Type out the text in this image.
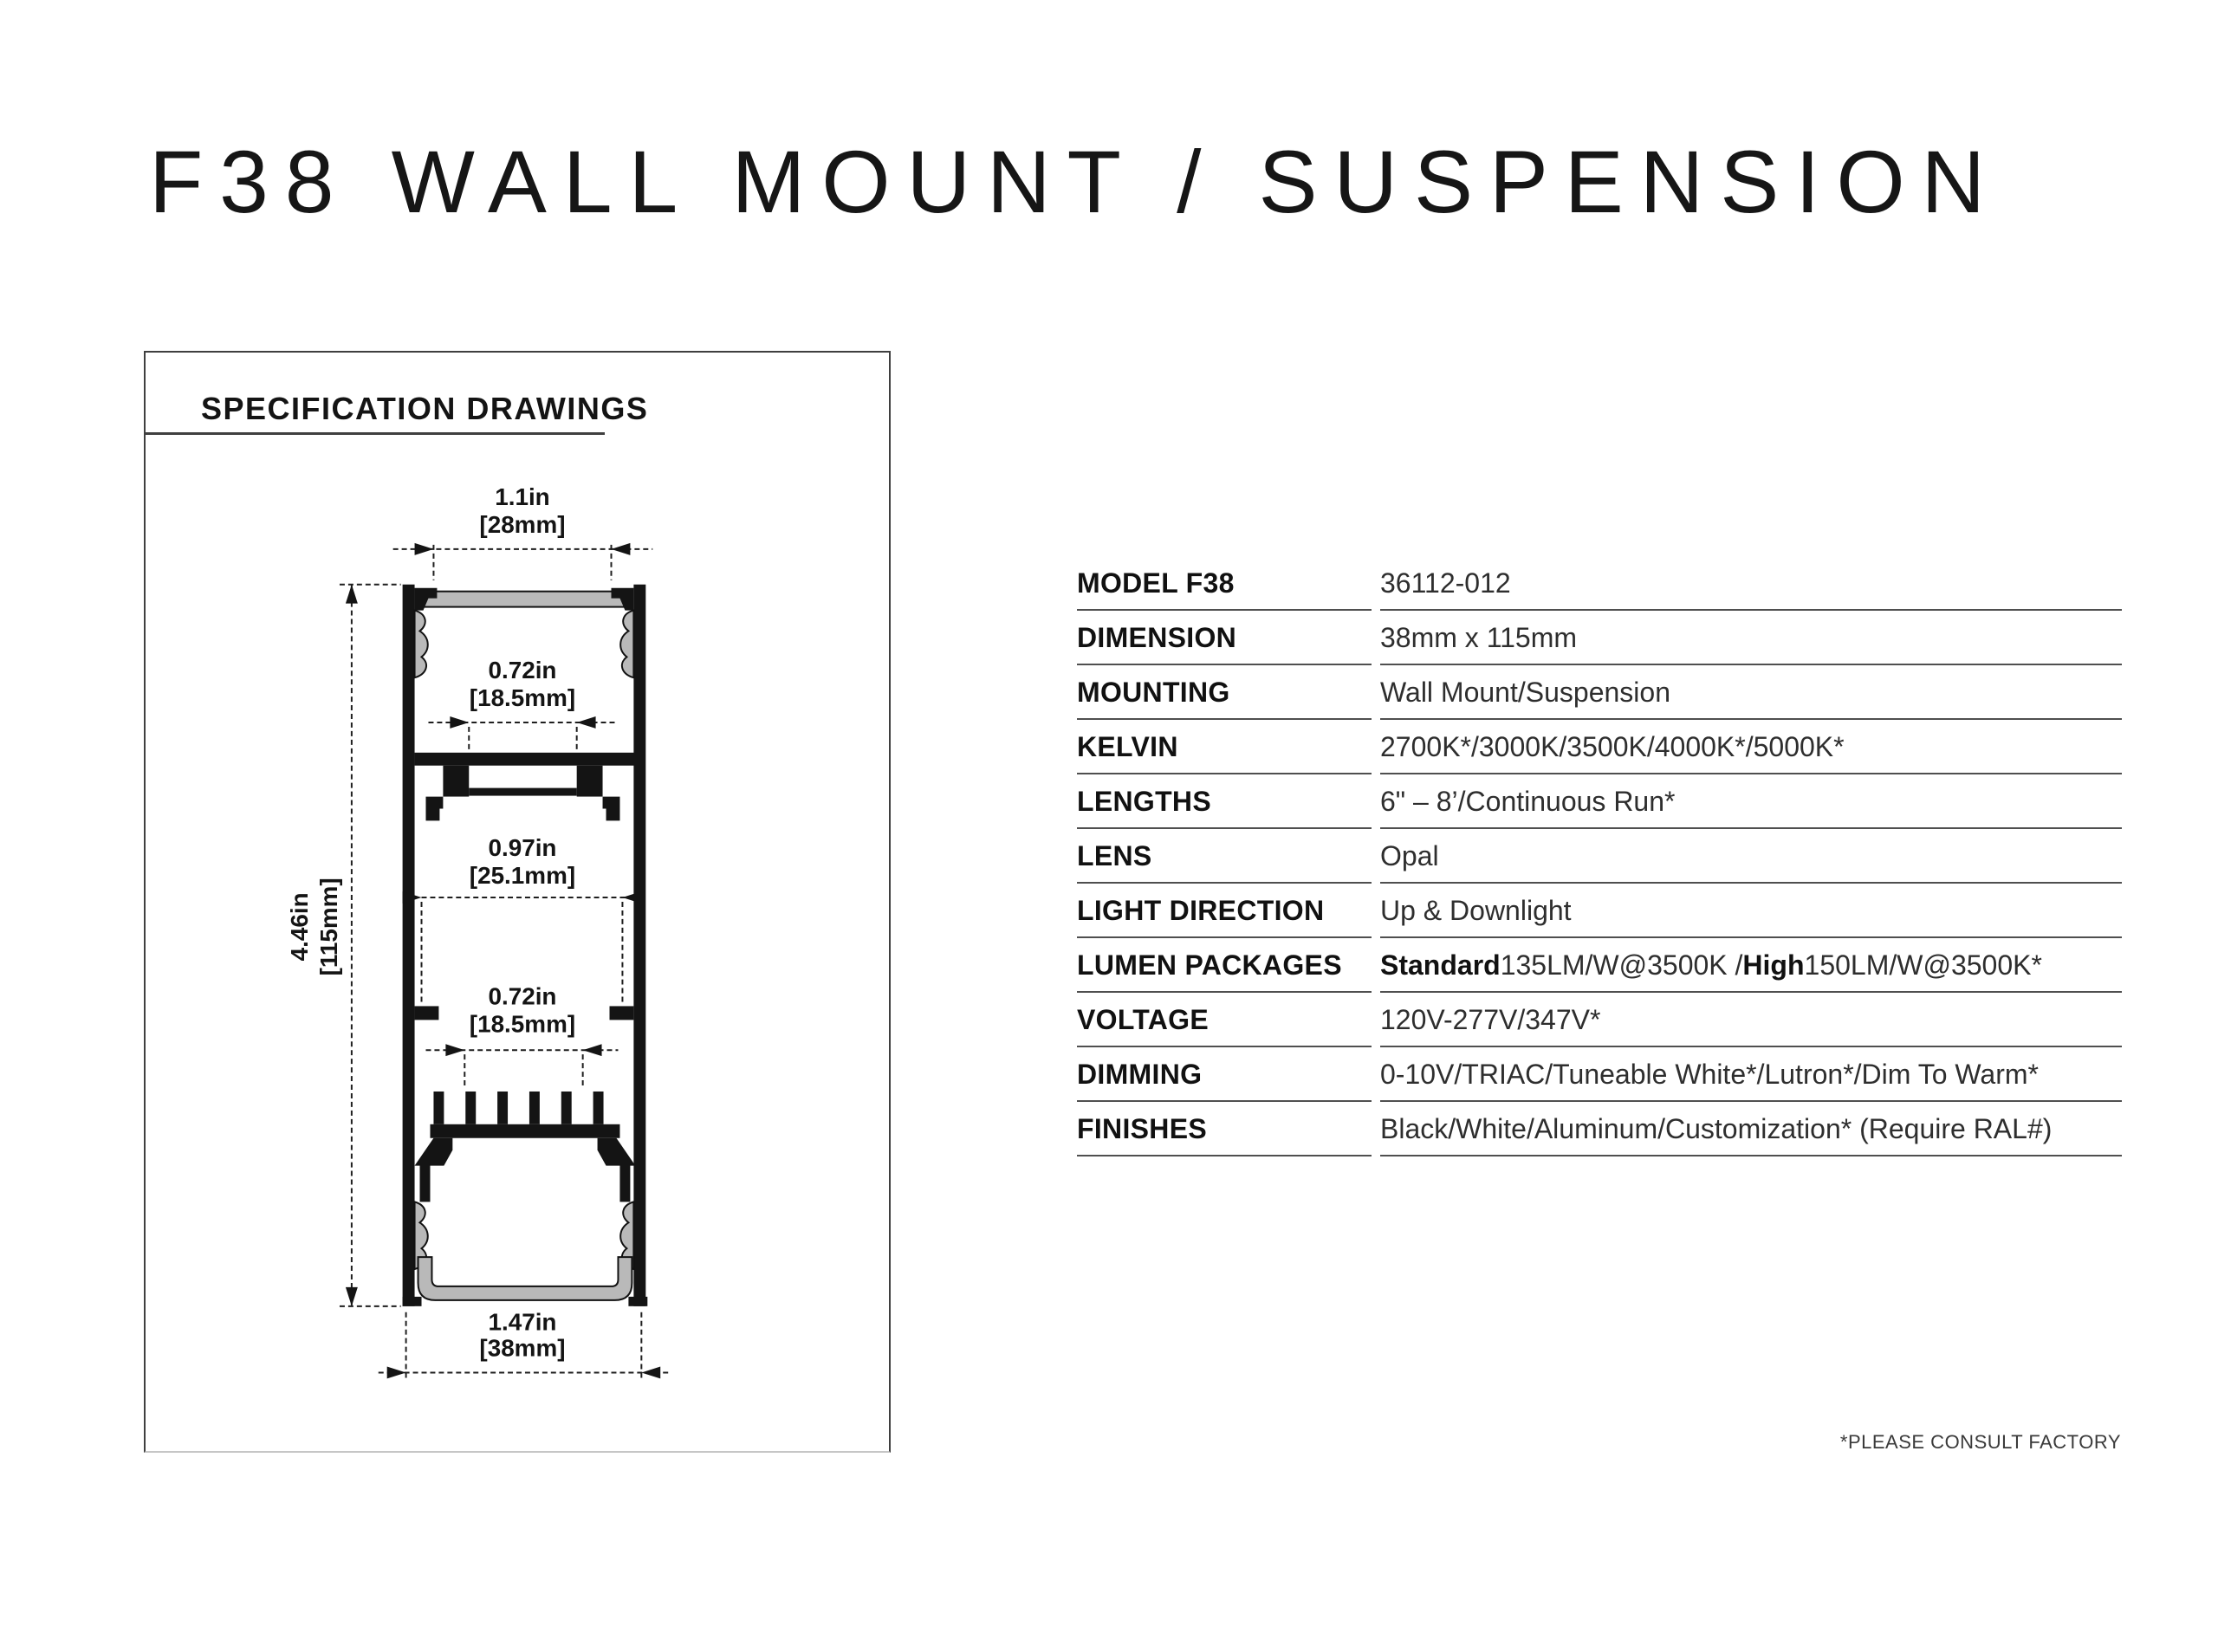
F38 WALL MOUNT / SUSPENSION
SPECIFICATION DRAWINGS
1.1in
[28mm]
0.72in
[18.5mm]
0.97in
[25.1mm]
0.72in
[18.5mm]
1.47in
[38mm]
4.46in [115mm]
MODEL F38	36112-012
DIMENSION	38mm x 115mm
MOUNTING	Wall Mount/Suspension
KELVIN	2700K*/3000K/3500K/4000K*/5000K*
LENGTHS	6" – 8’/Continuous Run*
LENS	Opal
LIGHT DIRECTION	Up & Downlight
LUMEN PACKAGES	Standard 135LM/W@3500K / High 150LM/W@3500K*
VOLTAGE	120V-277V/347V*
DIMMING	0-10V/TRIAC/Tuneable White*/Lutron*/Dim To Warm*
FINISHES	Black/White/Aluminum/Customization* (Require RAL#)
*PLEASE CONSULT FACTORY
